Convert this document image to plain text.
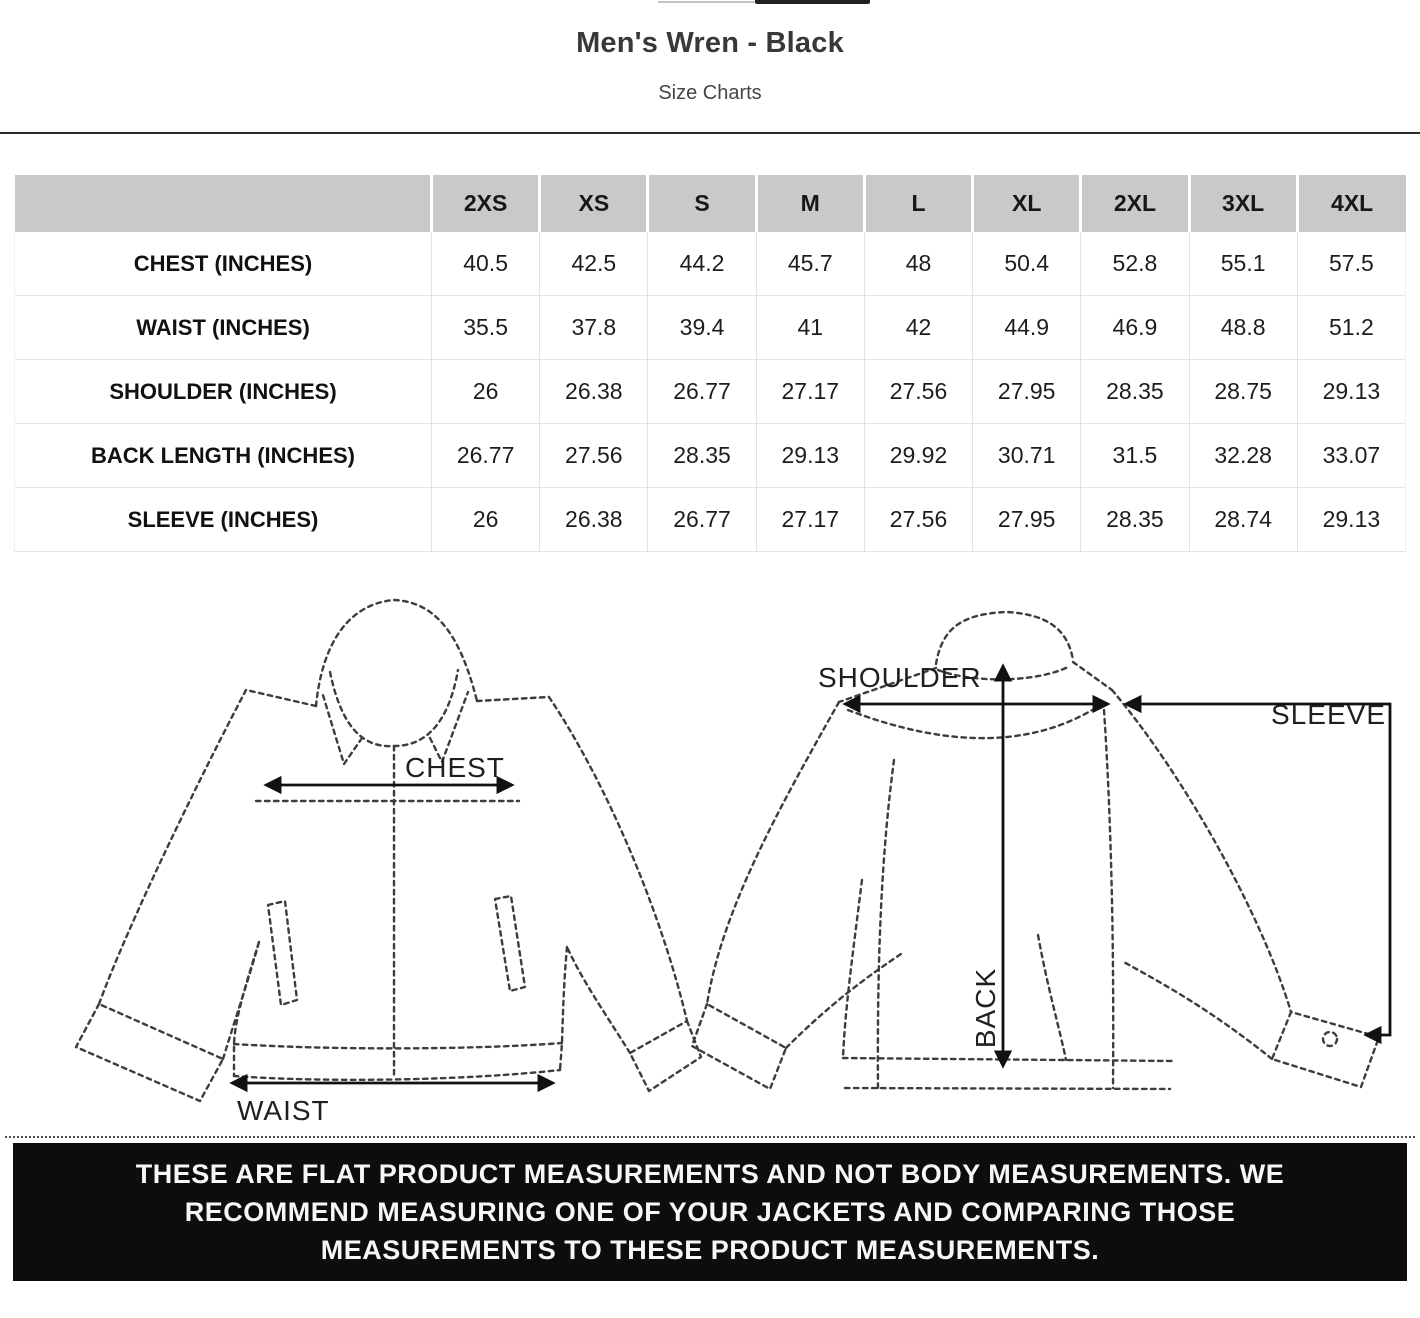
Men's Wren - Black
Size Charts
	2XS	XS	S	M	L	XL	2XL	3XL	4XL
CHEST (INCHES)	40.5	42.5	44.2	45.7	48	50.4	52.8	55.1	57.5
WAIST (INCHES)	35.5	37.8	39.4	41	42	44.9	46.9	48.8	51.2
SHOULDER (INCHES)	26	26.38	26.77	27.17	27.56	27.95	28.35	28.75	29.13
BACK LENGTH (INCHES)	26.77	27.56	28.35	29.13	29.92	30.71	31.5	32.28	33.07
SLEEVE (INCHES)	26	26.38	26.77	27.17	27.56	27.95	28.35	28.74	29.13
CHEST
WAIST
SHOULDER
SLEEVE
BACK
THESE ARE FLAT PRODUCT MEASUREMENTS AND NOT BODY MEASUREMENTS. WE RECOMMEND MEASURING ONE OF YOUR JACKETS AND COMPARING THOSE MEASUREMENTS TO THESE PRODUCT MEASUREMENTS.
